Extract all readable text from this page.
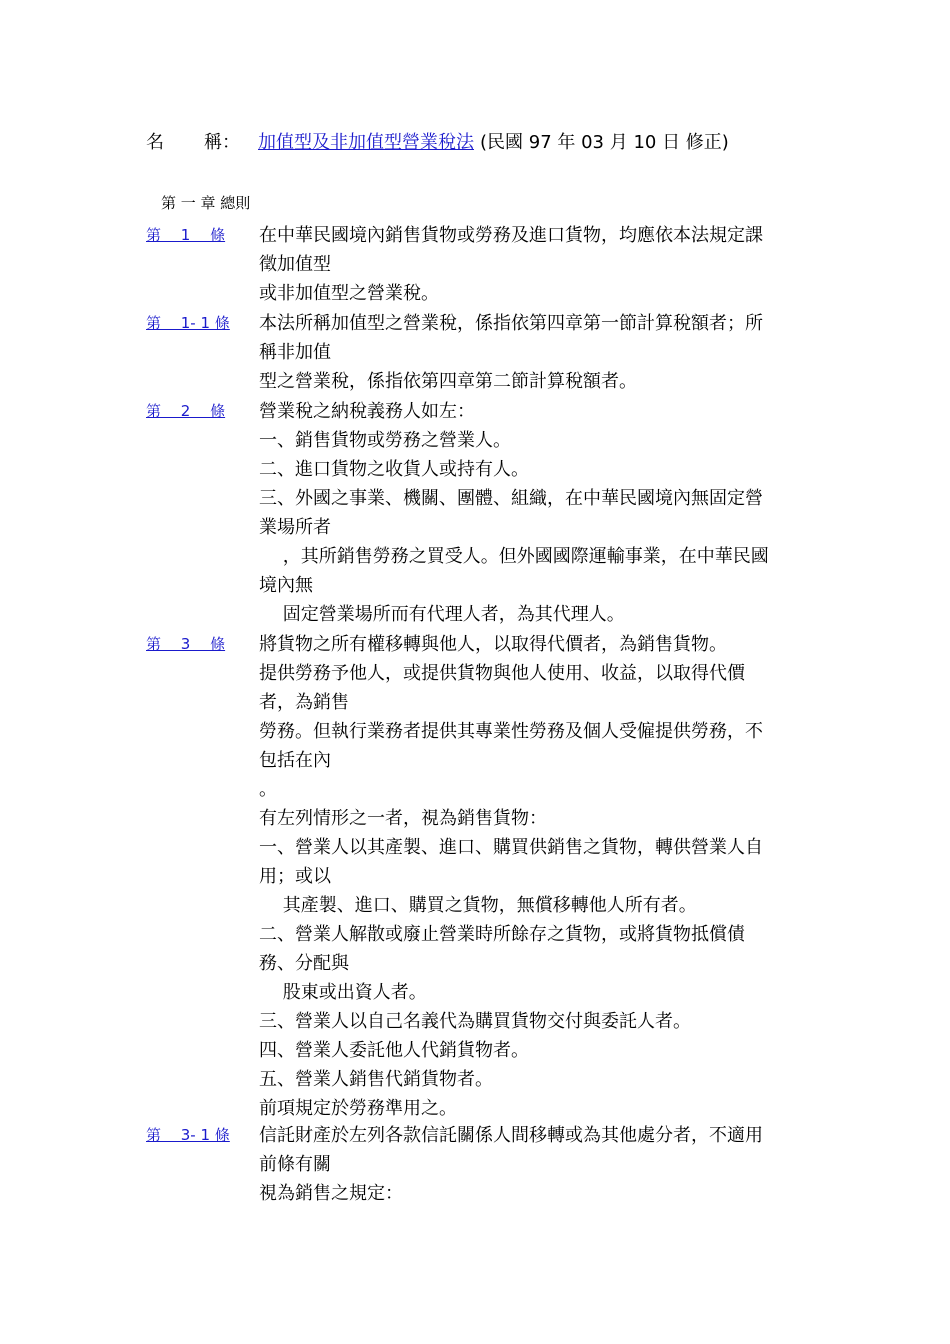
名 稱：	加值型及非加值型營業稅法 (民國 97 年 03 月 10 日 修正)
第 一 章 總則
第　 1　 條 在中華民國境內銷售貨物或勞務及進口貨物，均應依本法規定課
徵加值型
或非加值型之營業稅。
第　 1- 1 條 本法所稱加值型之營業稅，係指依第四章第一節計算稅額者；所
稱非加值
型之營業稅，係指依第四章第二節計算稅額者。
第　 2　 條 營業稅之納稅義務人如左：
一、銷售貨物或勞務之營業人。
二、進口貨物之收貨人或持有人。
三、外國之事業、機關、團體、組織，在中華民國境內無固定營
業場所者
　 ，其所銷售勞務之買受人。但外國國際運輸事業，在中華民國
境內無
　 固定營業場所而有代理人者，為其代理人。
第　 3　 條 將貨物之所有權移轉與他人，以取得代價者，為銷售貨物。
提供勞務予他人，或提供貨物與他人使用、收益，以取得代價
者，為銷售
勞務。但執行業務者提供其專業性勞務及個人受僱提供勞務，不
包括在內
。
有左列情形之一者，視為銷售貨物：
一、營業人以其產製、進口、購買供銷售之貨物，轉供營業人自
用；或以
　 其產製、進口、購買之貨物，無償移轉他人所有者。
二、營業人解散或廢止營業時所餘存之貨物，或將貨物抵償債
務、分配與
　 股東或出資人者。
三、營業人以自己名義代為購買貨物交付與委託人者。
四、營業人委託他人代銷貨物者。
五、營業人銷售代銷貨物者。
前項規定於勞務準用之。
第　 3- 1 條 信託財產於左列各款信託關係人間移轉或為其他處分者，不適用
前條有關
視為銷售之規定：
